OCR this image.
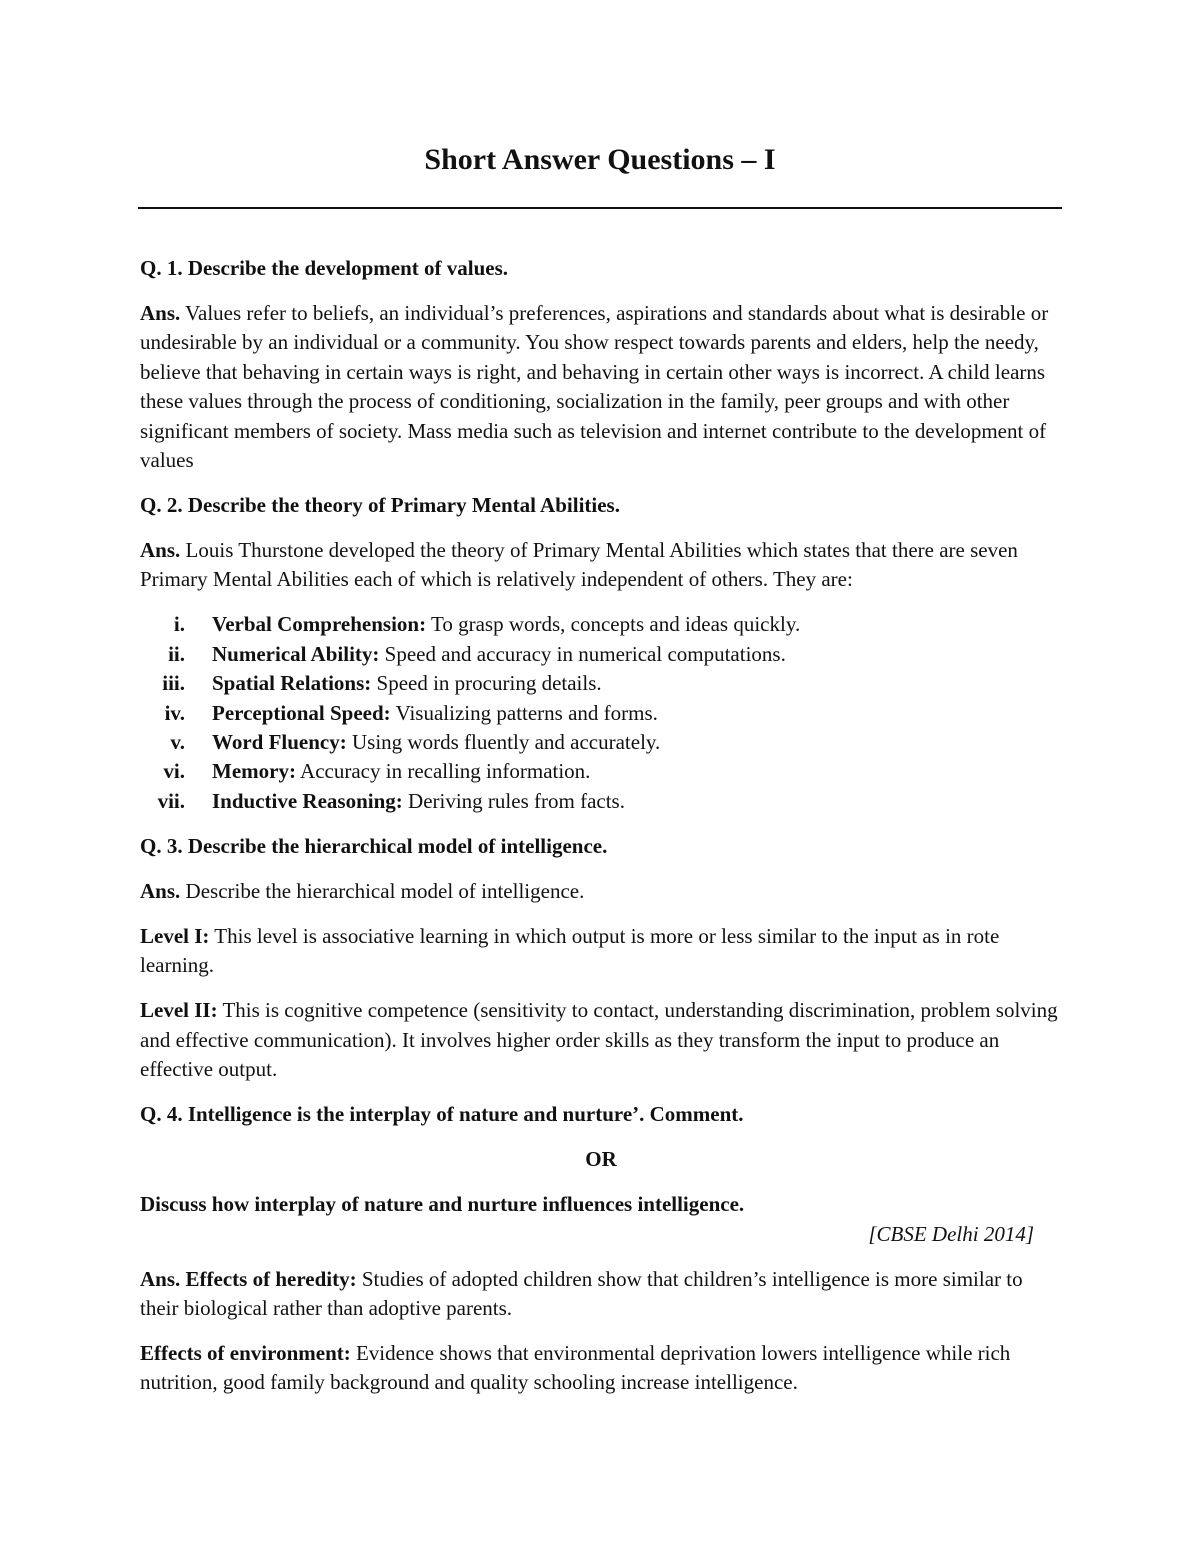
Short Answer Questions – I

Q. 1. Describe the development of values.

Ans. Values refer to beliefs, an individual’s preferences, aspirations and standards about what is desirable or undesirable by an individual or a community. You show respect towards parents and elders, help the needy, believe that behaving in certain ways is right, and behaving in certain other ways is incorrect. A child learns these values through the process of conditioning, socialization in the family, peer groups and with other significant members of society. Mass media such as television and internet contribute to the development of values

Q. 2. Describe the theory of Primary Mental Abilities.

Ans. Louis Thurstone developed the theory of Primary Mental Abilities which states that there are seven Primary Mental Abilities each of which is relatively independent of others. They are:

i.	Verbal Comprehension: To grasp words, concepts and ideas quickly.
ii.	Numerical Ability: Speed and accuracy in numerical computations.
iii.	Spatial Relations: Speed in procuring details.
iv.	Perceptional Speed: Visualizing patterns and forms.
v.	Word Fluency: Using words fluently and accurately.
vi.	Memory: Accuracy in recalling information.
vii.	Inductive Reasoning: Deriving rules from facts.

Q. 3. Describe the hierarchical model of intelligence.

Ans. Describe the hierarchical model of intelligence.

Level I: This level is associative learning in which output is more or less similar to the input as in rote learning.

Level II: This is cognitive competence (sensitivity to contact, understanding discrimination, problem solving and effective communication). It involves higher order skills as they transform the input to produce an effective output.

Q. 4. Intelligence is the interplay of nature and nurture’. Comment.

OR

Discuss how interplay of nature and nurture influences intelligence.

[CBSE Delhi 2014]

Ans. Effects of heredity: Studies of adopted children show that children’s intelligence is more similar to their biological rather than adoptive parents.

Effects of environment: Evidence shows that environmental deprivation lowers intelligence while rich nutrition, good family background and quality schooling increase intelligence.
